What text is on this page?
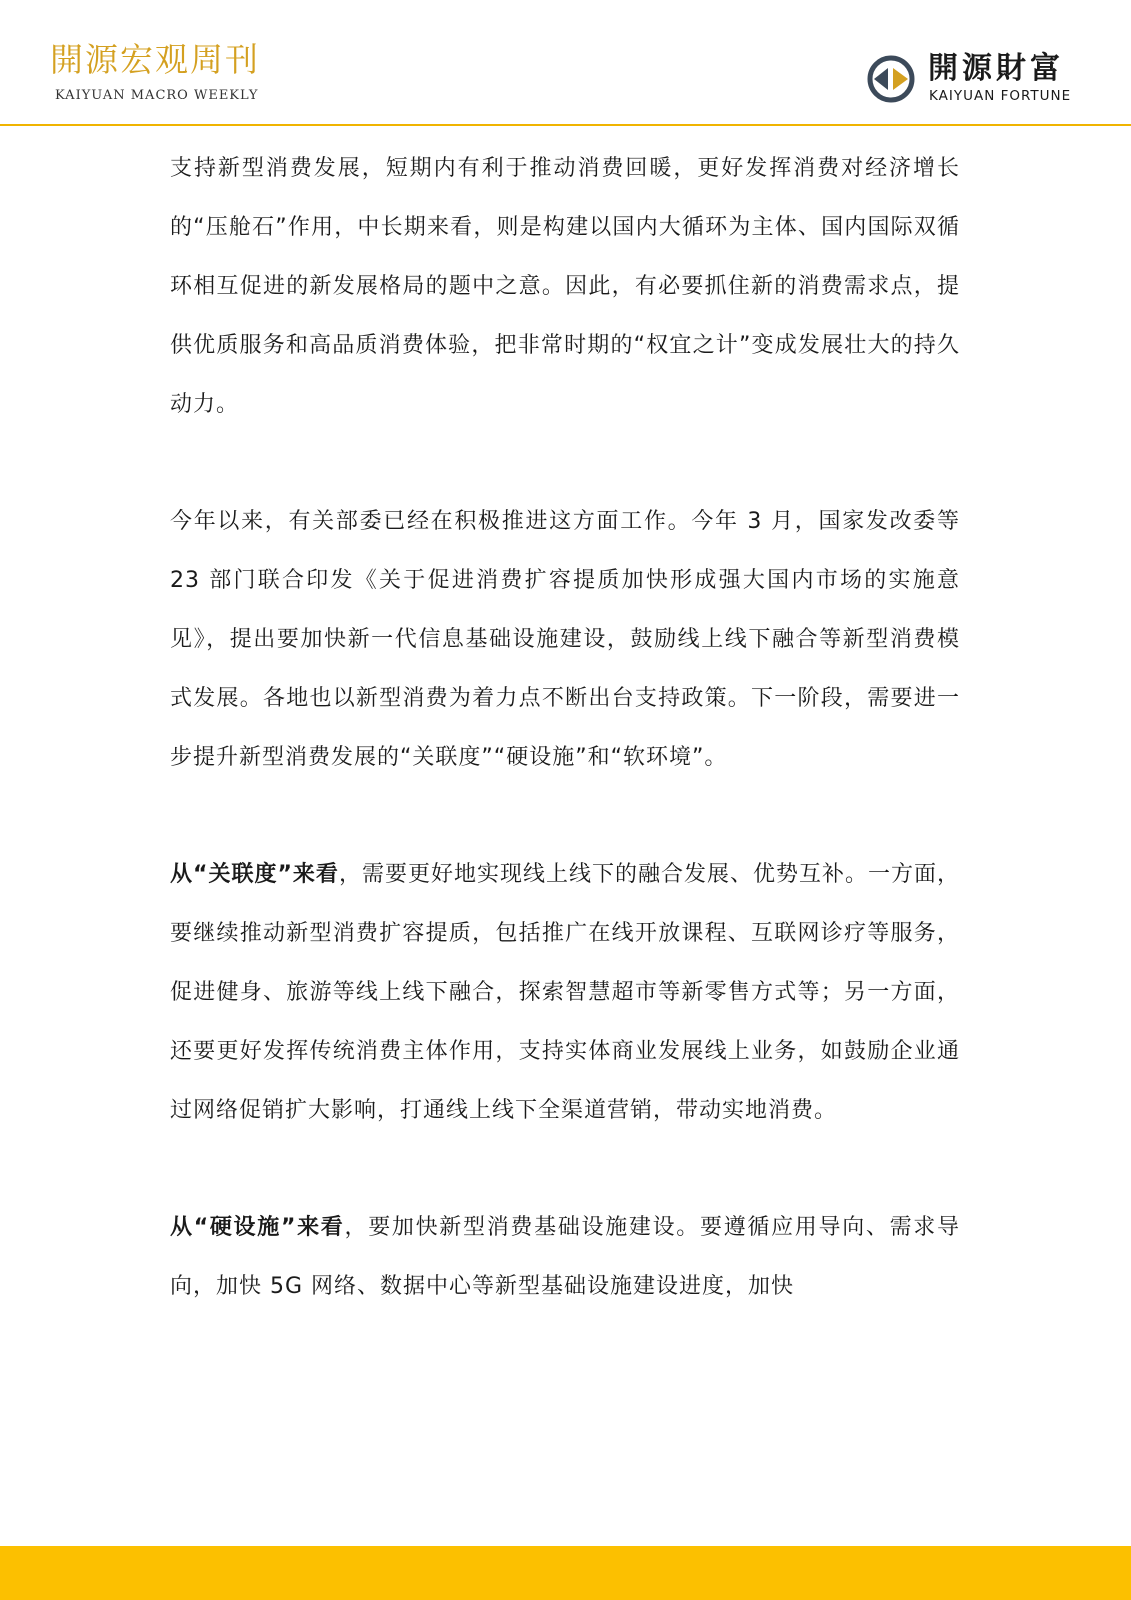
開源宏观周刊
KAIYUAN MACRO WEEKLY
開源財富
KAIYUAN FORTUNE

支持新型消费发展，短期内有利于推动消费回暖，更好发挥消费对经济增长的“压舱石”作用，中长期来看，则是构建以国内大循环为主体、国内国际双循环相互促进的新发展格局的题中之意。因此，有必要抓住新的消费需求点，提供优质服务和高品质消费体验，把非常时期的“权宜之计”变成发展壮大的持久动力。

今年以来，有关部委已经在积极推进这方面工作。今年 3 月，国家发改委等 23 部门联合印发《关于促进消费扩容提质加快形成强大国内市场的实施意见》，提出要加快新一代信息基础设施建设，鼓励线上线下融合等新型消费模式发展。各地也以新型消费为着力点不断出台支持政策。下一阶段，需要进一步提升新型消费发展的“关联度”“硬设施”和“软环境”。

从“关联度”来看，需要更好地实现线上线下的融合发展、优势互补。一方面，要继续推动新型消费扩容提质，包括推广在线开放课程、互联网诊疗等服务，促进健身、旅游等线上线下融合，探索智慧超市等新零售方式等；另一方面，还要更好发挥传统消费主体作用，支持实体商业发展线上业务，如鼓励企业通过网络促销扩大影响，打通线上线下全渠道营销，带动实地消费。

从“硬设施”来看，要加快新型消费基础设施建设。要遵循应用导向、需求导向，加快 5G 网络、数据中心等新型基础设施建设进度，加快
